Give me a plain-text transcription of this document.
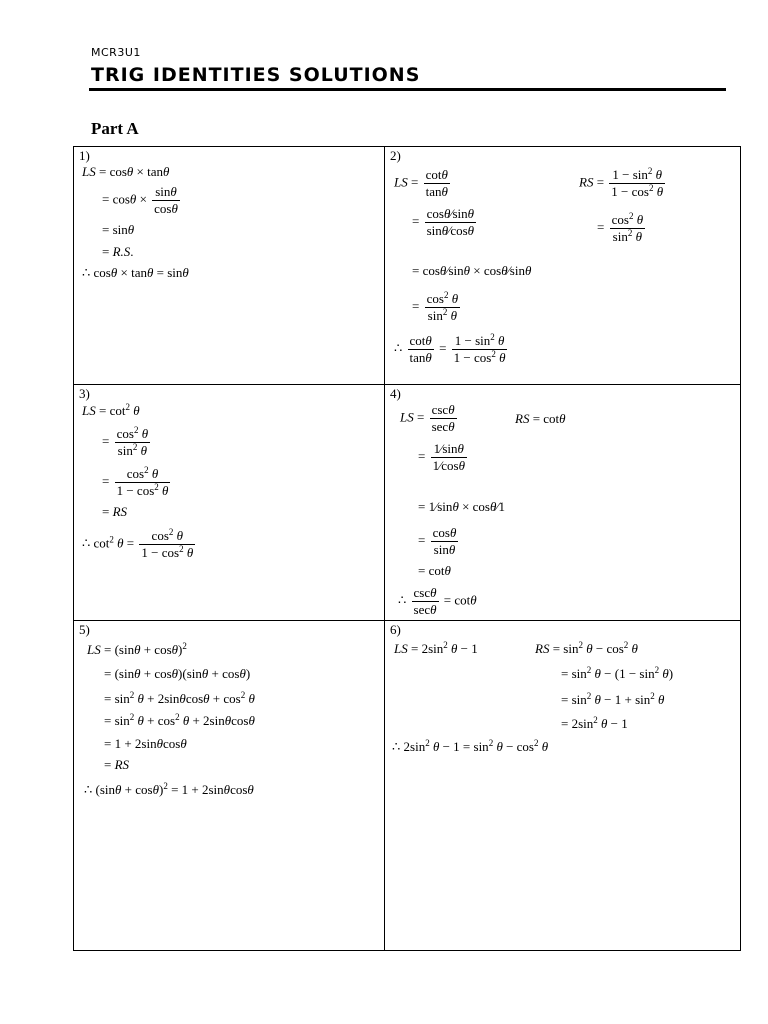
MCR3U1
TRIG IDENTITIES SOLUTIONS
Part A
1)
LS = cosθ × tanθ
= $\cos\theta \times \frac{\sin\theta}{\cos\theta}$
= sinθ
= R.S.
∴ cosθ × tanθ = sinθ
2)
LS = $\frac{\cot\theta}{\tan\theta}$	RS = $\frac{1 - \sin^2 \theta}{1 - \cos^2 \theta}$
= $\frac{\cos\theta⁄\sin\theta}{\sin\theta⁄\cos\theta}$	= $\frac{\cos^2 \theta}{\sin^2 \theta}$
= cosθ⁄sinθ × cosθ⁄sinθ
= $\frac{\cos^2 \theta}{\sin^2 \theta}$
∴ $\frac{\cot\theta}{\tan\theta} = \frac{1 - \sin^2 \theta}{1 - \cos^2 \theta}$
3)
LS = $\cot^2 \theta$
= $\frac{\cos^2 \theta}{\sin^2 \theta}$
= $\frac{\cos^2 \theta}{1 - \cos^2 \theta}$
= RS
∴ $\cot^2 \theta = \frac{\cos^2 \theta}{1 - \cos^2 \theta}$
4)
LS = $\frac{\csc\theta}{\sec\theta}$	RS = cotθ
= $\frac{1⁄\sin\theta}{1⁄\cos\theta}$
= 1⁄sinθ × cosθ⁄1
= $\frac{\cos\theta}{\sin\theta}$
= cotθ
∴ $\frac{\csc\theta}{\sec\theta} = \cot\theta$
5)
LS = $(\sin\theta + \cos\theta)^2$
= (sinθ + cosθ)(sinθ + cosθ)
= $\sin^2 \theta + 2\sin\theta\cos\theta + \cos^2 \theta$
= $\sin^2 \theta + \cos^2 \theta + 2\sin\theta\cos\theta$
= 1 + 2sinθcosθ
= RS
∴ $(\sin\theta + \cos\theta)^2 = 1 + 2\sin\theta\cos\theta$
6)
LS = $2\sin^2$ θ − 1	RS = $\sin^2 \theta - \cos^2 \theta$
= $\sin^2 \theta - (1 - \sin^2 \theta)$
= $\sin^2 \theta - 1 + \sin^2 \theta$
= $2\sin^2$ θ − 1
∴ $2\sin^2$ $\theta - 1 = \sin^2 \theta - \cos^2 \theta$
